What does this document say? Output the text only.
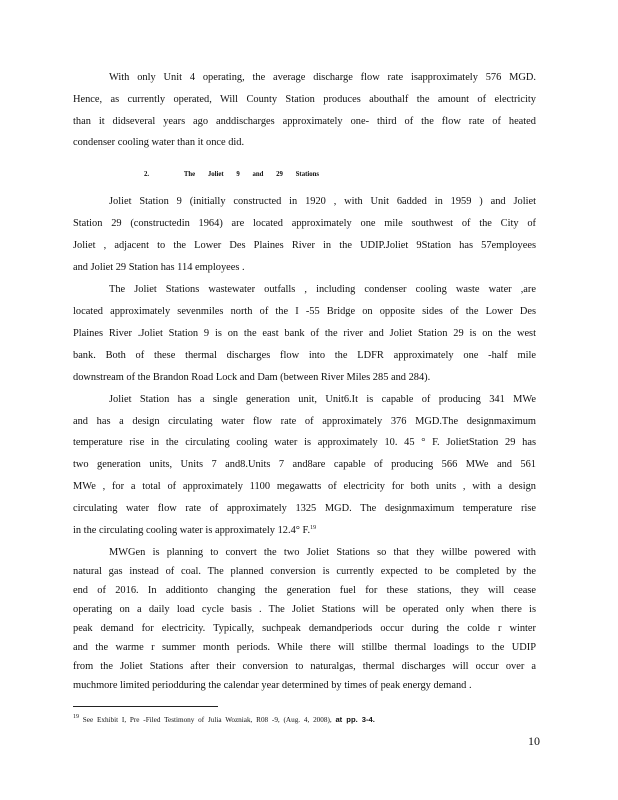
With only Unit 4 operating, the average discharge flow rate isapproximately 576 MGD.
Hence, as currently operated, Will County Station produces abouthalf the amount of electricity
than it didseveral years ago anddischarges approximately one- third of the flow rate of heated
condenser cooling water than it once did.
2.	The Joliet 9 and 29 Stations
Joliet Station 9 (initially constructed in 1920 , with Unit 6added in 1959 ) and Joliet
Station 29 (constructedin 1964) are located approximately one mile southwest of the City of
Joliet , adjacent to the Lower Des Plaines River in the UDIP.Joliet 9Station has 57employees
and Joliet 29 Station has 114 employees .
The Joliet Stations wastewater outfalls , including condenser cooling waste water ,are
located approximately sevenmiles north of the I -55 Bridge on opposite sides of the Lower Des
Plaines River .Joliet Station 9 is on the east bank of the river and Joliet Station 29 is on the west
bank. Both of these thermal discharges flow into the LDFR approximately one -half mile
downstream of the Brandon Road Lock and Dam (between River Miles 285 and 284).
Joliet Station has a single generation unit, Unit6.It is capable of producing 341 MWe
and has a design circulating water flow rate of approximately 376 MGD.The designmaximum
temperature rise in the circulating cooling water is approximately 10. 45 ° F. JolietStation 29 has
two generation units, Units 7 and8.Units 7 and8are capable of producing 566 MWe and 561
MWe , for a total of approximately 1100 megawatts of electricity for both units , with a design
circulating water flow rate of approximately 1325 MGD. The designmaximum temperature rise
in the circulating cooling water is approximately 12.4° F.$^{19}$
MWGen is planning to convert the two Joliet Stations so that they willbe powered with
natural gas instead of coal. The planned conversion is currently expected to be completed by the
end of 2016. In additionto changing the generation fuel for these stations, they will cease
operating on a daily load cycle basis . The Joliet Stations will be operated only when there is
peak demand for electricity. Typically, suchpeak demandperiods occur during the colde r winter
and the warme r summer month periods. While there will stillbe thermal loadings to the UDIP
from the Joliet Stations after their conversion to naturalgas, thermal discharges will occur over a
$^{19}$ See Exhibit I, Pre -Filed Testimony of Julia Wozniak, R08 -9, (Aug. 4, 2008), at pp. 3-4.
10
muchmore limited periodduring the calendar year determined by times of peak energy demand .
